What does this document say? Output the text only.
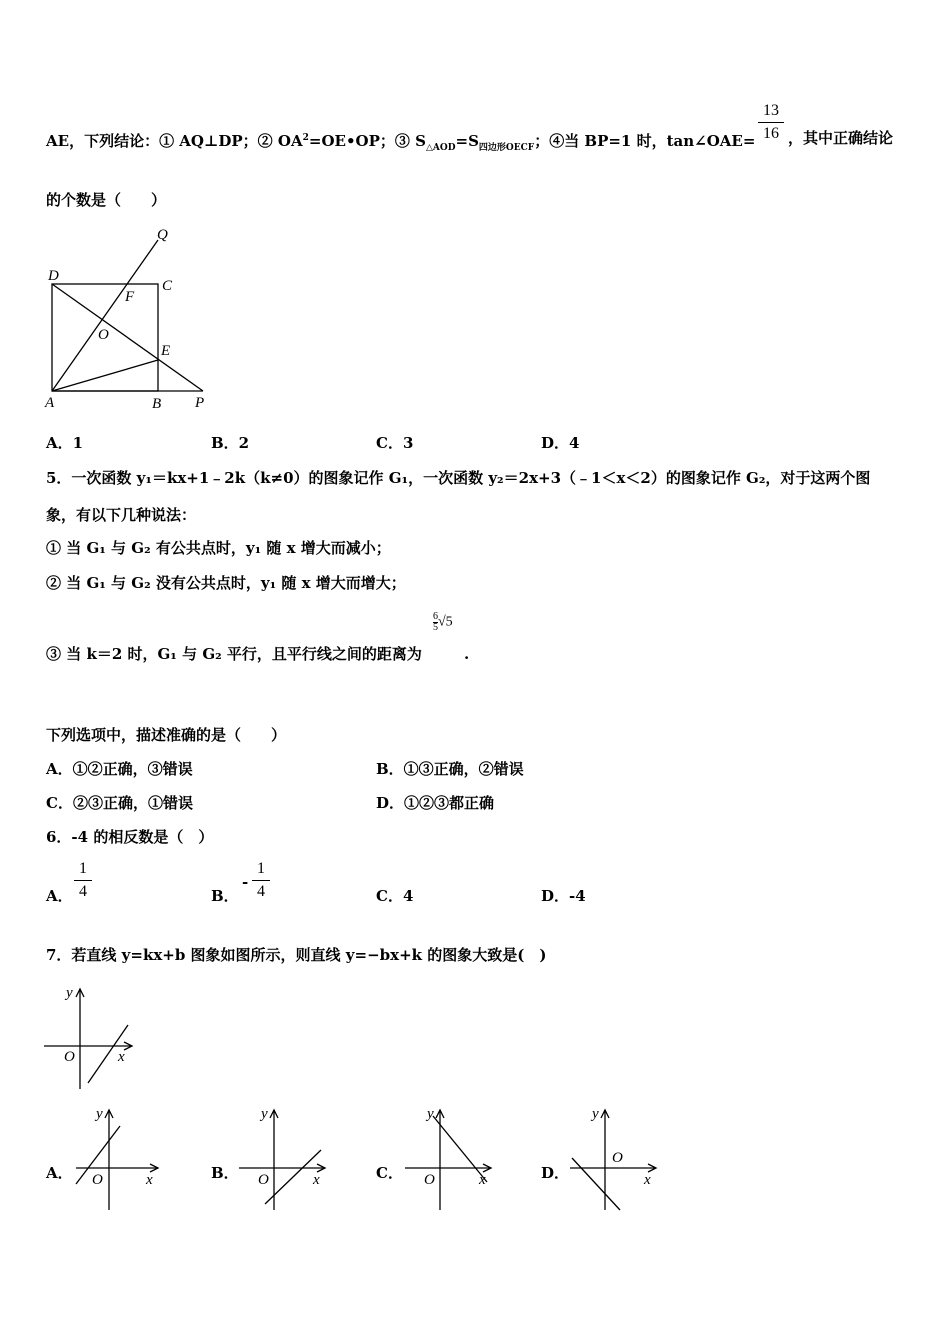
AE，下列结论：① AQ⊥DP；② $OA^2=OE•OP$；③ $S_{\triangle AOD}=S_{四边形OECF}$；④当 BP=1 时，tan∠OAE=
13
16 ，其中正确结论
的个数是（　　）
Q
D
C
F
O
E
A	B P
A．1	B．2	C．3	D．4
5．一次函数 y₁＝kx+1﹣2k（k≠0）的图象记作 G₁，一次函数 y₂＝2x+3（﹣1＜x＜2）的图象记作 G₂，对于这两个图
象，有以下几种说法：
① 当 G₁ 与 G₂ 有公共点时，y₁ 随 x 增大而减小；
② 当 G₁ 与 G₂ 没有公共点时，y₁ 随 x 增大而增大；
$\frac{6}{5} √5$
③ 当 k＝2 时，G₁ 与 G₂ 平行，且平行线之间的距离为	.
下列选项中，描述准确的是（　　）
A．①②正确，③错误	B．①③正确，②错误
C．②③正确，①错误	D．①②③都正确
6．-4 的相反数是（　）
A．
1
4	B．
-
1
4	C．4	D．-4
7．若直线 y=kx+b 图象如图所示，则直线 y=−bx+k 的图象大致是(　)
y
x
O
A．
y
x
O	B．
y
x
O	C．
y
x
O	D．
y
x
O
